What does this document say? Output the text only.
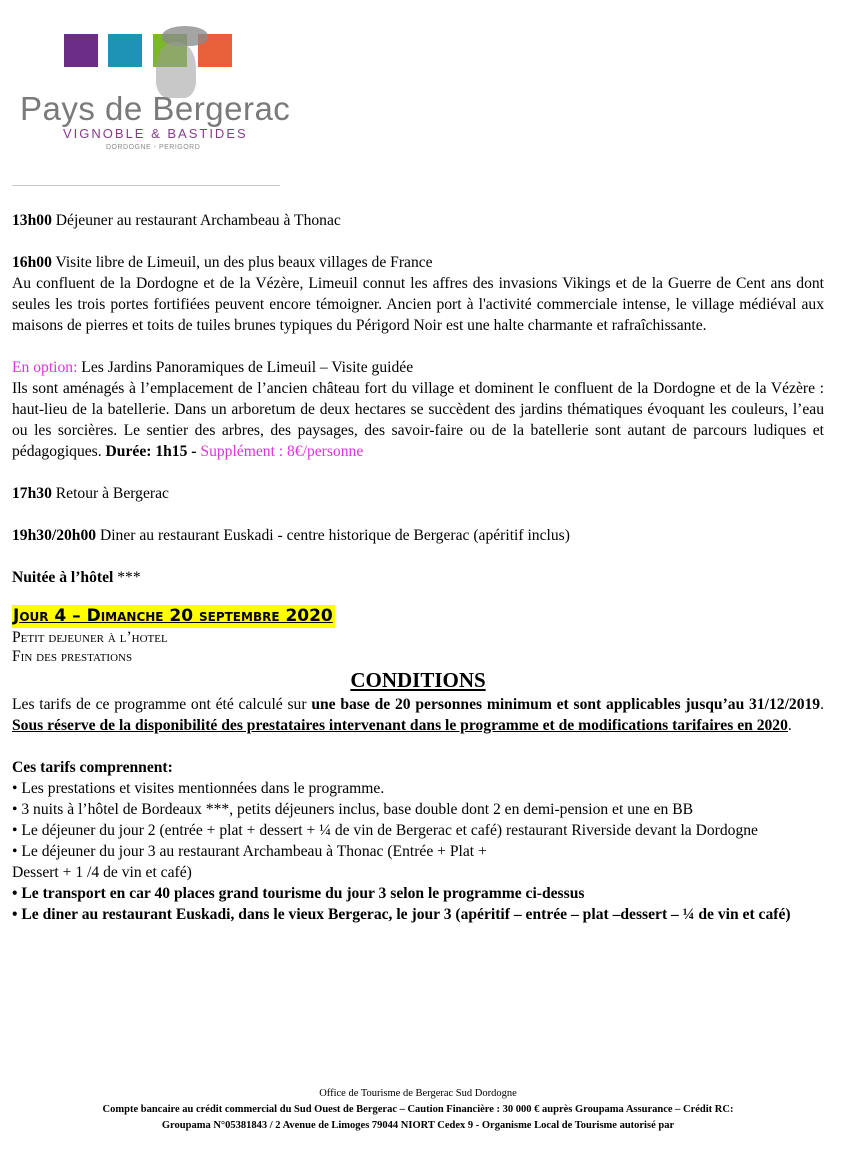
Pays de Bergerac
VIGNOBLE & BASTIDES
DORDOGNE - PERIGORD

13h00 Déjeuner au restaurant Archambeau à Thonac

16h00 Visite libre de Limeuil, un des plus beaux villages de France

Au confluent de la Dordogne et de la Vézère, Limeuil connut les affres des invasions Vikings et de la Guerre de Cent ans dont seules les trois portes fortifiées peuvent encore témoigner. Ancien port à l'activité commerciale intense, le village médiéval aux maisons de pierres et toits de tuiles brunes typiques du Périgord Noir est une halte charmante et rafraîchissante.

En option: Les Jardins Panoramiques de Limeuil – Visite guidée

Ils sont aménagés à l’emplacement de l’ancien château fort du village et dominent le confluent de la Dordogne et de la Vézère : haut-lieu de la batellerie. Dans un arboretum de deux hectares se succèdent des jardins thématiques évoquant les couleurs, l’eau ou les sorcières. Le sentier des arbres, des paysages, des savoir-faire ou de la batellerie sont autant de parcours ludiques et pédagogiques. Durée: 1h15 - Supplément : 8€/personne

17h30 Retour à Bergerac

19h30/20h00 Diner au restaurant Euskadi - centre historique de Bergerac (apéritif inclus)

Nuitée à l’hôtel ***

Jour 4 – Dimanche 20 septembre 2020

Petit dejeuner à l’hotel

Fin des prestations

CONDITIONS

Les tarifs de ce programme ont été calculé sur une base de 20 personnes minimum et sont applicables jusqu’au 31/12/2019. Sous réserve de la disponibilité des prestataires intervenant dans le programme et de modifications tarifaires en 2020.

Ces tarifs comprennent:

• Les prestations et visites mentionnées dans le programme.

• 3 nuits à l’hôtel de Bordeaux ***, petits déjeuners inclus, base double dont 2 en demi-pension et une en BB

• Le déjeuner du jour 2 (entrée + plat + dessert + ¼ de vin de Bergerac et café) restaurant Riverside devant la Dordogne

• Le déjeuner du jour 3 au restaurant Archambeau à Thonac (Entrée + Plat +

Dessert + 1 /4 de vin et café)

• Le transport en car 40 places grand tourisme du jour 3 selon le programme ci-dessus

• Le diner au restaurant Euskadi, dans le vieux Bergerac, le jour 3 (apéritif – entrée – plat –dessert – ¼ de vin et café)

Office de Tourisme de Bergerac Sud Dordogne
Compte bancaire au crédit commercial du Sud Ouest de Bergerac – Caution Financière : 30 000 € auprès Groupama Assurance – Crédit RC:
Groupama N°05381843 / 2 Avenue de Limoges 79044 NIORT Cedex 9 - Organisme Local de Tourisme autorisé par
